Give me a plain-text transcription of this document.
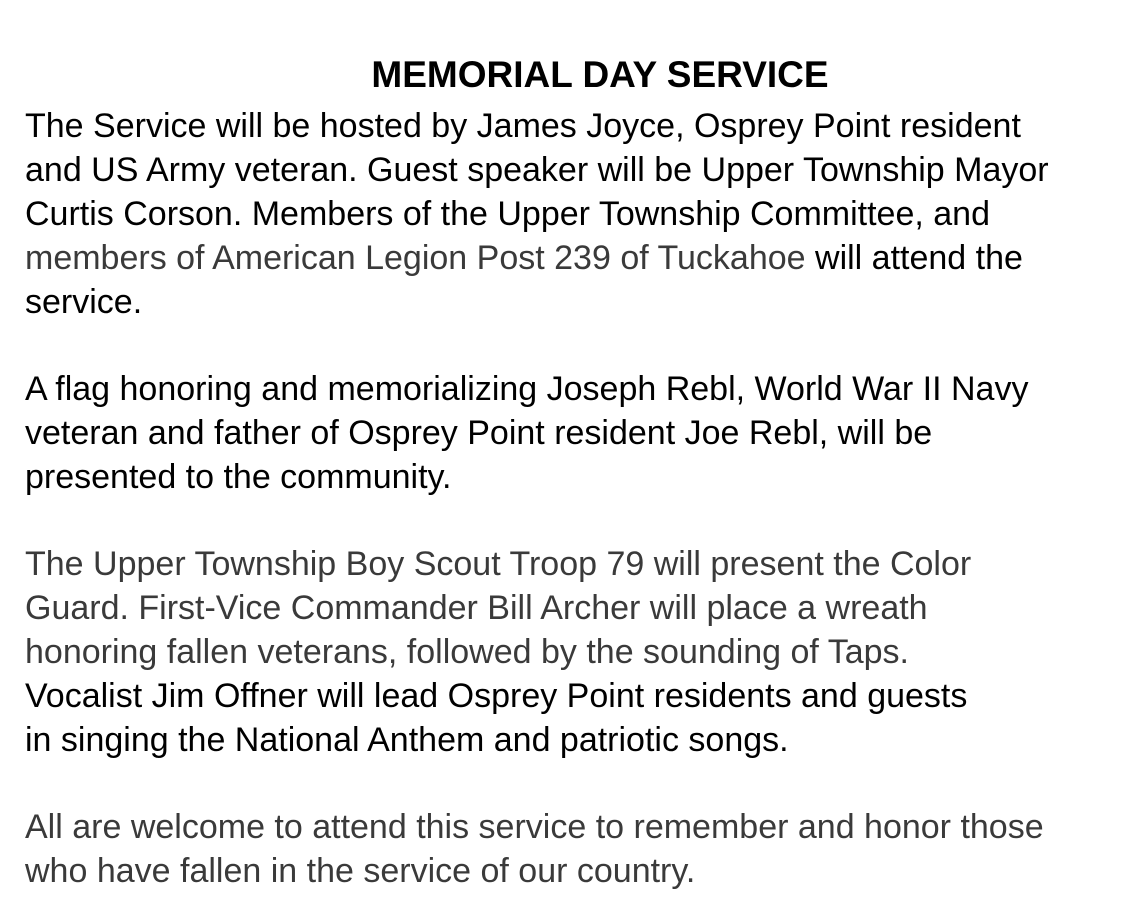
MEMORIAL DAY SERVICE
The Service will be hosted by James Joyce, Osprey Point resident
and US Army veteran. Guest speaker will be Upper Township Mayor
Curtis Corson. Members of the Upper Township Committee, and
members of American Legion Post 239 of Tuckahoe will attend the
service.
A flag honoring and memorializing Joseph Rebl, World War II Navy
veteran and father of Osprey Point resident Joe Rebl, will be
presented to the community.
The Upper Township Boy Scout Troop 79 will present the Color
Guard. First-Vice Commander Bill Archer will place a wreath
honoring fallen veterans, followed by the sounding of Taps.
Vocalist Jim Offner will lead Osprey Point residents and guests
in singing the National Anthem and patriotic songs.
All are welcome to attend this service to remember and honor those
who have fallen in the service of our country.
